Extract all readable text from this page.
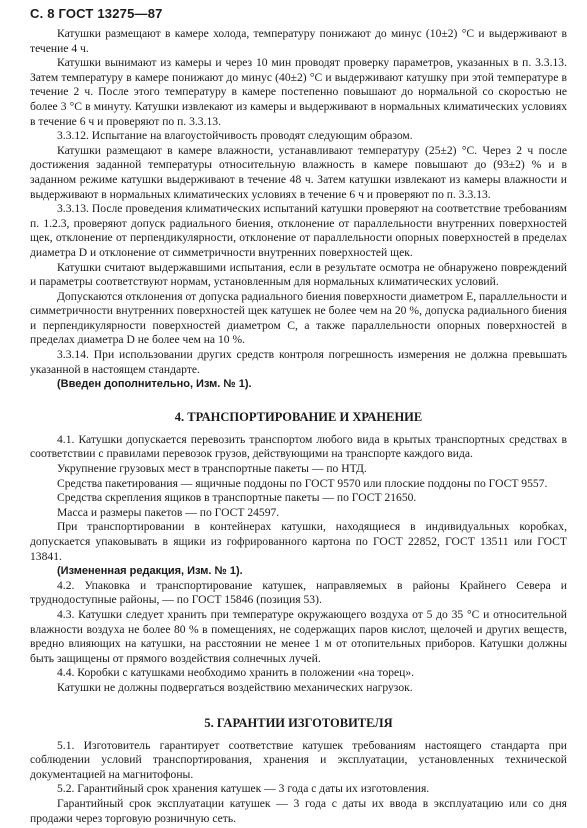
С. 8 ГОСТ 13275—87

Катушки размещают в камере холода, температуру понижают до минус (10±2) °С и выдерживают в течение 4 ч.

Катушки вынимают из камеры и через 10 мин проводят проверку параметров, указанных в п. 3.3.13. Затем температуру в камере понижают до минус (40±2) °С и выдерживают катушку при этой температуре в течение 2 ч. После этого температуру в камере постепенно повышают до нормальной со скоростью не более 3 °С в минуту. Катушки извлекают из камеры и выдерживают в нормальных климатических условиях в течение 6 ч и проверяют по п. 3.3.13.

3.3.12. Испытание на влагоустойчивость проводят следующим образом.

Катушки размещают в камере влажности, устанавливают температуру (25±2) °С. Через 2 ч после достижения заданной температуры относительную влажность в камере повышают до (93±2) % и в заданном режиме катушки выдерживают в течение 48 ч. Затем катушки извлекают из камеры влажности и выдерживают в нормальных климатических условиях в течение 6 ч и проверяют по п. 3.3.13.

3.3.13. После проведения климатических испытаний катушки проверяют на соответствие требованиям п. 1.2.3, проверяют допуск радиального биения, отклонение от параллельности внутренних поверхностей щек, отклонение от перпендикулярности, отклонение от параллельности опорных поверхностей в пределах диаметра D и отклонение от симметричности внутренних поверхностей щек.

Катушки считают выдержавшими испытания, если в результате осмотра не обнаружено повреждений и параметры соответствуют нормам, установленным для нормальных климатических условий.

Допускаются отклонения от допуска радиального биения поверхности диаметром E, параллельности и симметричности внутренних поверхностей щек катушек не более чем на 20 %, допуска радиального биения и перпендикулярности поверхностей диаметром C, а также параллельности опорных поверхностей в пределах диаметра D не более чем на 10 %.

3.3.14. При использовании других средств контроля погрешность измерения не должна превышать указанной в настоящем стандарте.

(Введен дополнительно, Изм. № 1).

4. ТРАНСПОРТИРОВАНИЕ И ХРАНЕНИЕ

4.1. Катушки допускается перевозить транспортом любого вида в крытых транспортных средствах в соответствии с правилами перевозок грузов, действующими на транспорте каждого вида.

Укрупнение грузовых мест в транспортные пакеты — по НТД.

Средства пакетирования — ящичные поддоны по ГОСТ 9570 или плоские поддоны по ГОСТ 9557.

Средства скрепления ящиков в транспортные пакеты — по ГОСТ 21650.

Масса и размеры пакетов — по ГОСТ 24597.

При транспортировании в контейнерах катушки, находящиеся в индивидуальных коробках, допускается упаковывать в ящики из гофрированного картона по ГОСТ 22852, ГОСТ 13511 или ГОСТ 13841.

(Измененная редакция, Изм. № 1).

4.2. Упаковка и транспортирование катушек, направляемых в районы Крайнего Севера и труднодоступные районы, — по ГОСТ 15846 (позиция 53).

4.3. Катушки следует хранить при температуре окружающего воздуха от 5 до 35 °С и относительной влажности воздуха не более 80 % в помещениях, не содержащих паров кислот, щелочей и других веществ, вредно влияющих на катушки, на расстоянии не менее 1 м от отопительных приборов. Катушки должны быть защищены от прямого воздействия солнечных лучей.

4.4. Коробки с катушками необходимо хранить в положении «на торец».

Катушки не должны подвергаться воздействию механических нагрузок.

5. ГАРАНТИИ ИЗГОТОВИТЕЛЯ

5.1. Изготовитель гарантирует соответствие катушек требованиям настоящего стандарта при соблюдении условий транспортирования, хранения и эксплуатации, установленных технической документацией на магнитофоны.

5.2. Гарантийный срок хранения катушек — 3 года с даты их изготовления.

Гарантийный срок эксплуатации катушек — 3 года с даты их ввода в эксплуатацию или со дня продажи через торговую розничную сеть.
